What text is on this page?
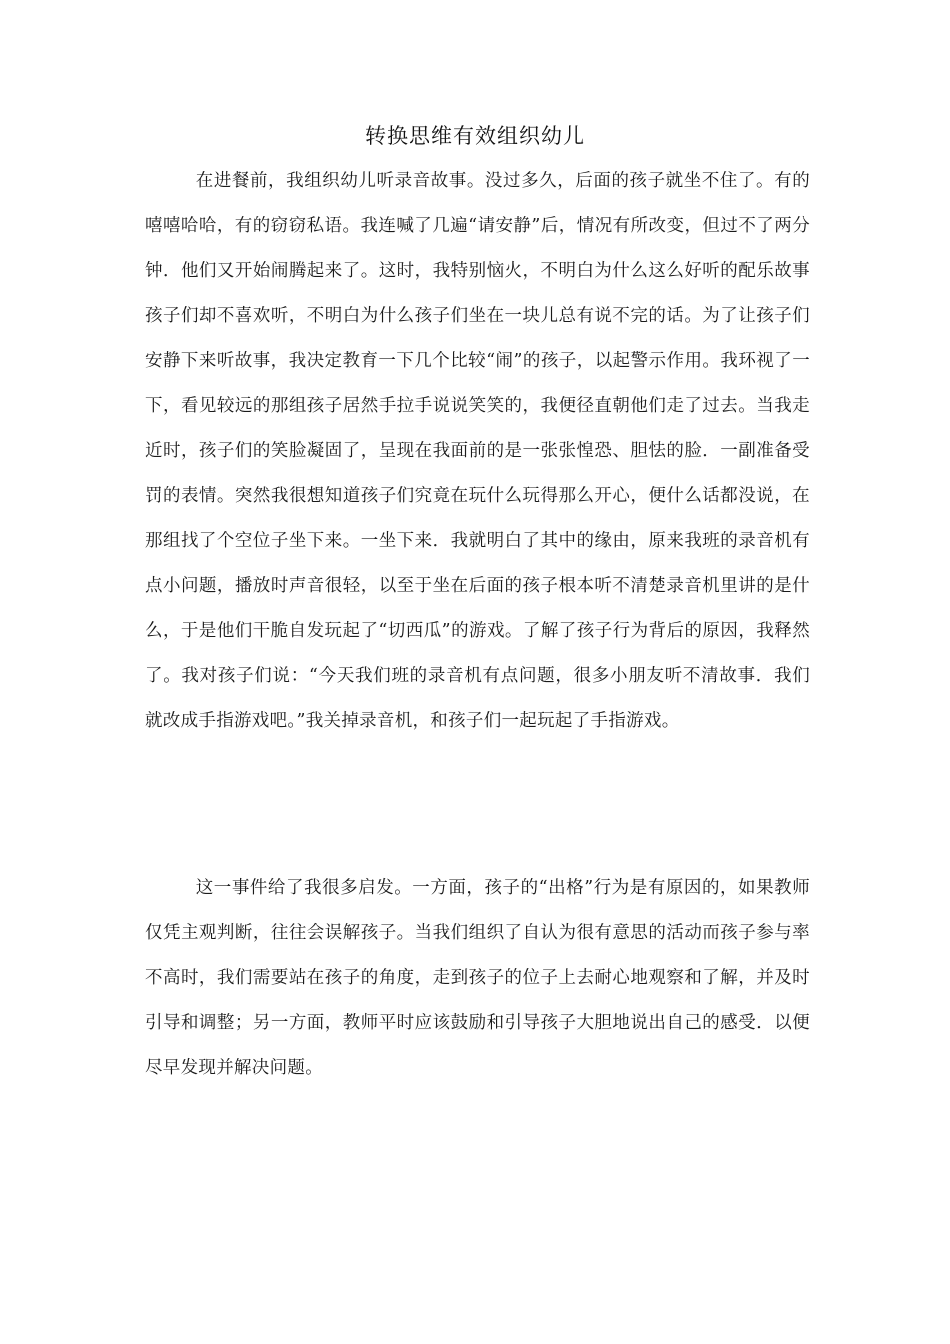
转换思维有效组织幼儿

在进餐前，我组织幼儿听录音故事。没过多久，后面的孩子就坐不住了。有的嘻嘻哈哈，有的窃窃私语。我连喊了几遍“请安静”后，情况有所改变，但过不了两分钟．他们又开始闹腾起来了。这时，我特别恼火，不明白为什么这么好听的配乐故事孩子们却不喜欢听，不明白为什么孩子们坐在一块儿总有说不完的话。为了让孩子们安静下来听故事，我决定教育一下几个比较“闹”的孩子，以起警示作用。我环视了一下，看见较远的那组孩子居然手拉手说说笑笑的，我便径直朝他们走了过去。当我走近时，孩子们的笑脸凝固了，呈现在我面前的是一张张惶恐、胆怯的脸．一副准备受罚的表情。突然我很想知道孩子们究竟在玩什么玩得那么开心，便什么话都没说，在那组找了个空位子坐下来。一坐下来．我就明白了其中的缘由，原来我班的录音机有点小问题，播放时声音很轻，以至于坐在后面的孩子根本听不清楚录音机里讲的是什么，于是他们干脆自发玩起了“切西瓜”的游戏。了解了孩子行为背后的原因，我释然了。我对孩子们说：“今天我们班的录音机有点问题，很多小朋友听不清故事．我们就改成手指游戏吧。”我关掉录音机，和孩子们一起玩起了手指游戏。

这一事件给了我很多启发。一方面，孩子的“出格”行为是有原因的，如果教师仅凭主观判断，往往会误解孩子。当我们组织了自认为很有意思的活动而孩子参与率不高时，我们需要站在孩子的角度，走到孩子的位子上去耐心地观察和了解，并及时引导和调整；另一方面，教师平时应该鼓励和引导孩子大胆地说出自己的感受．以便尽早发现并解决问题。
